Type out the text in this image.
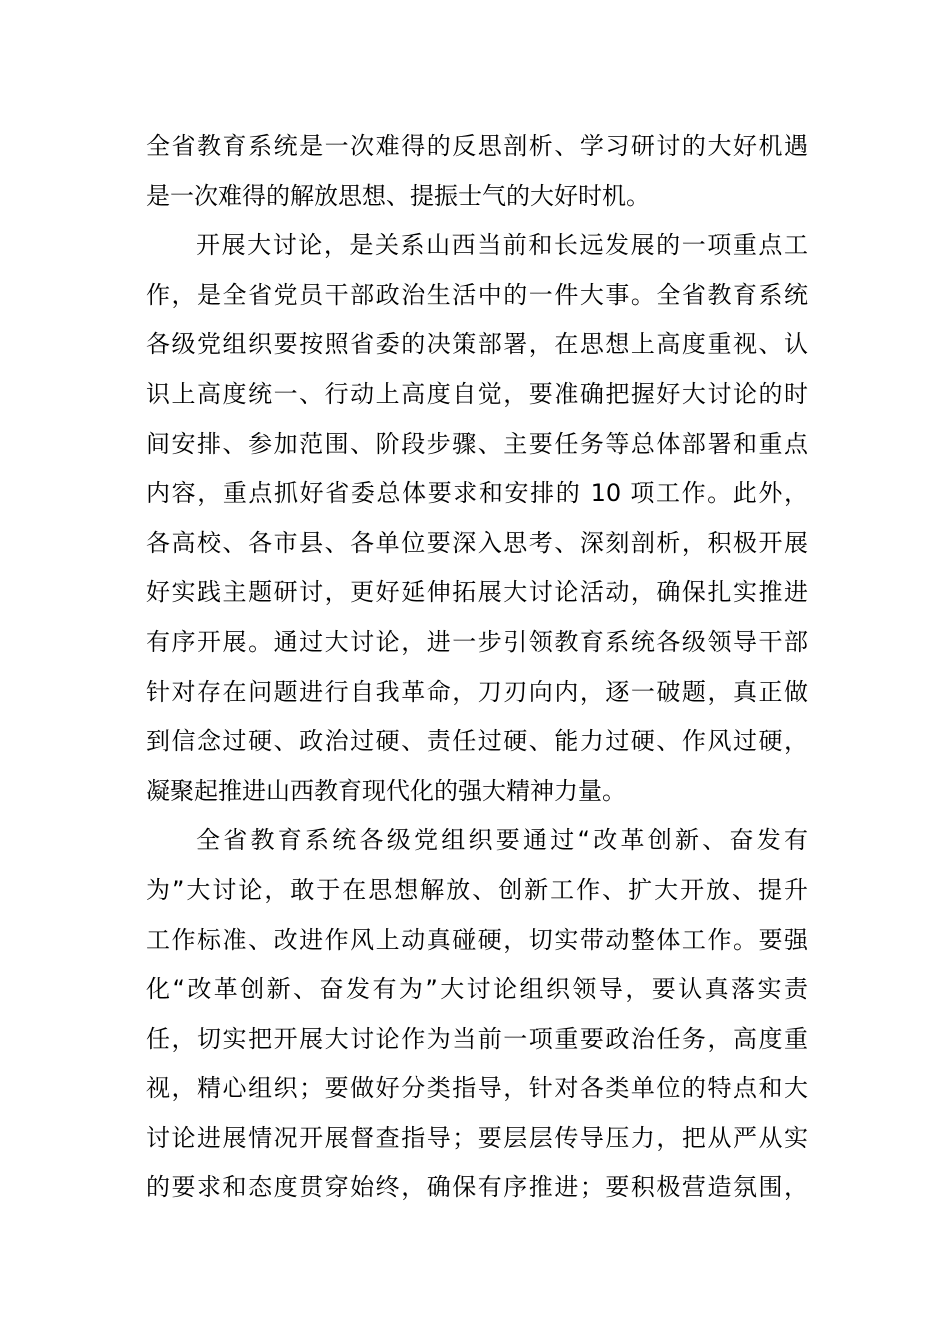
全省教育系统是一次难得的反思剖析、学习研讨的大好机遇
是一次难得的解放思想、提振士气的大好时机。
开展大讨论，是关系山西当前和长远发展的一项重点工
作，是全省党员干部政治生活中的一件大事。全省教育系统
各级党组织要按照省委的决策部署，在思想上高度重视、认
识上高度统一、行动上高度自觉，要准确把握好大讨论的时
间安排、参加范围、阶段步骤、主要任务等总体部署和重点
内容，重点抓好省委总体要求和安排的 10 项工作。此外，
各高校、各市县、各单位要深入思考、深刻剖析，积极开展
好实践主题研讨，更好延伸拓展大讨论活动，确保扎实推进
有序开展。通过大讨论，进一步引领教育系统各级领导干部
针对存在问题进行自我革命，刀刃向内，逐一破题，真正做
到信念过硬、政治过硬、责任过硬、能力过硬、作风过硬，
凝聚起推进山西教育现代化的强大精神力量。
全省教育系统各级党组织要通过“改革创新、奋发有
为”大讨论，敢于在思想解放、创新工作、扩大开放、提升
工作标准、改进作风上动真碰硬，切实带动整体工作。要强
化“改革创新、奋发有为”大讨论组织领导，要认真落实责
任，切实把开展大讨论作为当前一项重要政治任务，高度重
视，精心组织；要做好分类指导，针对各类单位的特点和大
讨论进展情况开展督查指导；要层层传导压力，把从严从实
的要求和态度贯穿始终，确保有序推进；要积极营造氛围，
